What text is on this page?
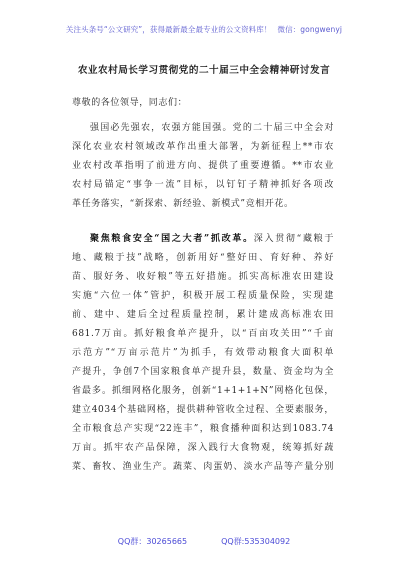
关注头条号“公文研究”，获得最新最全最专业的公文资料库！ 微信：gongwenyj
农业农村局长学习贯彻党的二十届三中全会精神研讨发言
尊敬的各位领导，同志们：
强国必先强农，农强方能国强。党的二十届三中全会对
深化农业农村领域改革作出重大部署，为新征程上**市农
业农村改革指明了前进方向、提供了重要遵循。**市农业
农村局锚定“事争一流”目标，以钉钉子精神抓好各项改
革任务落实，“新探索、新经验、新模式”竞相开花。
聚焦粮食安全“国之大者”抓改革。深入贯彻“藏粮于
地、藏粮于技”战略，创新用好“整好田、育好种、养好
苗、服好务、收好粮”等五好措施。抓实高标准农田建设
实施“六位一体”管护，积极开展工程质量保险，实现建
前、建中、建后全过程质量控制，累计建成高标准农田
681.7万亩。抓好粮食单产提升，以“百亩攻关田”“千亩
示范方”“万亩示范片”为抓手，有效带动粮食大面积单
产提升，争创7个国家粮食单产提升县，数量、资金均为全
省最多。抓细网格化服务，创新“1+1+1+N”网格化包保，
建立4034个基础网格，提供耕种管收全过程、全要素服务，
全市粮食总产实现“22连丰”，粮食播种面积达到1083.74
万亩。抓牢农产品保障，深入践行大食物观，统筹抓好蔬
菜、畜牧、渔业生产。蔬菜、肉蛋奶、淡水产品等产量分别
QQ群：30265665	QQ群:535304092
